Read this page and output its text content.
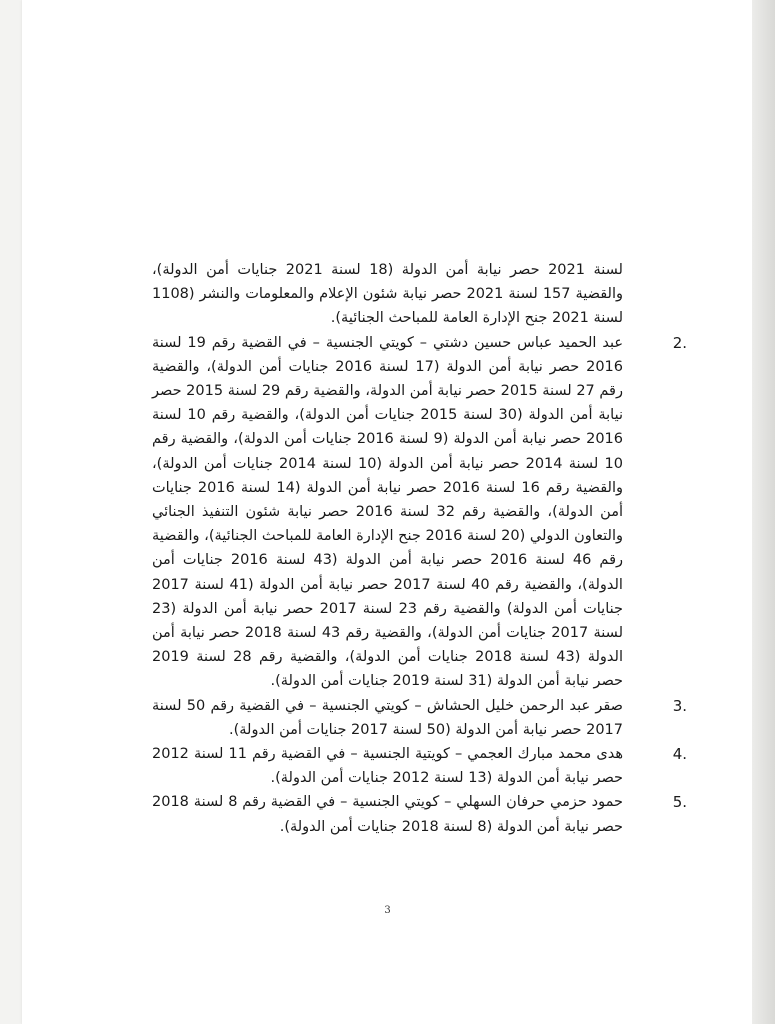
لسنة 2021 حصر نيابة أمن الدولة (18 لسنة 2021 جنايات أمن الدولة)، والقضية 157 لسنة 2021 حصر نيابة شئون الإعلام والمعلومات والنشر (1108 لسنة 2021 جنح الإدارة العامة للمباحث الجنائية).

2.

عبد الحميد عباس حسين دشتي – كويتي الجنسية – في القضية رقم 19 لسنة 2016 حصر نيابة أمن الدولة (17 لسنة 2016 جنايات أمن الدولة)، والقضية رقم 27 لسنة 2015 حصر نيابة أمن الدولة، والقضية رقم 29 لسنة 2015 حصر نيابة أمن الدولة (30 لسنة 2015 جنايات أمن الدولة)، والقضية رقم 10 لسنة 2016 حصر نيابة أمن الدولة (9 لسنة 2016 جنايات أمن الدولة)، والقضية رقم 10 لسنة 2014 حصر نيابة أمن الدولة (10 لسنة 2014 جنايات أمن الدولة)، والقضية رقم 16 لسنة 2016 حصر نيابة أمن الدولة (14 لسنة 2016 جنايات أمن الدولة)، والقضية رقم 32 لسنة 2016 حصر نيابة شئون التنفيذ الجنائي والتعاون الدولي (20 لسنة 2016 جنح الإدارة العامة للمباحث الجنائية)، والقضية رقم 46 لسنة 2016 حصر نيابة أمن الدولة (43 لسنة 2016 جنايات أمن الدولة)، والقضية رقم 40 لسنة 2017 حصر نيابة أمن الدولة (41 لسنة 2017 جنايات أمن الدولة) والقضية رقم 23 لسنة 2017 حصر نيابة أمن الدولة (23 لسنة 2017 جنايات أمن الدولة)، والقضية رقم 43 لسنة 2018 حصر نيابة أمن الدولة (43 لسنة 2018 جنايات أمن الدولة)، والقضية رقم 28 لسنة 2019 حصر نيابة أمن الدولة (31 لسنة 2019 جنايات أمن الدولة).

3.

صقر عبد الرحمن خليل الحشاش – كويتي الجنسية – في القضية رقم 50 لسنة 2017 حصر نيابة أمن الدولة (50 لسنة 2017 جنايات أمن الدولة).

4.

هدى محمد مبارك العجمي – كويتية الجنسية – في القضية رقم 11 لسنة 2012 حصر نيابة أمن الدولة (13 لسنة 2012 جنايات أمن الدولة).

5.

حمود حزمي حرفان السهلي – كويتي الجنسية – في القضية رقم 8 لسنة 2018 حصر نيابة أمن الدولة (8 لسنة 2018 جنايات أمن الدولة).

3
